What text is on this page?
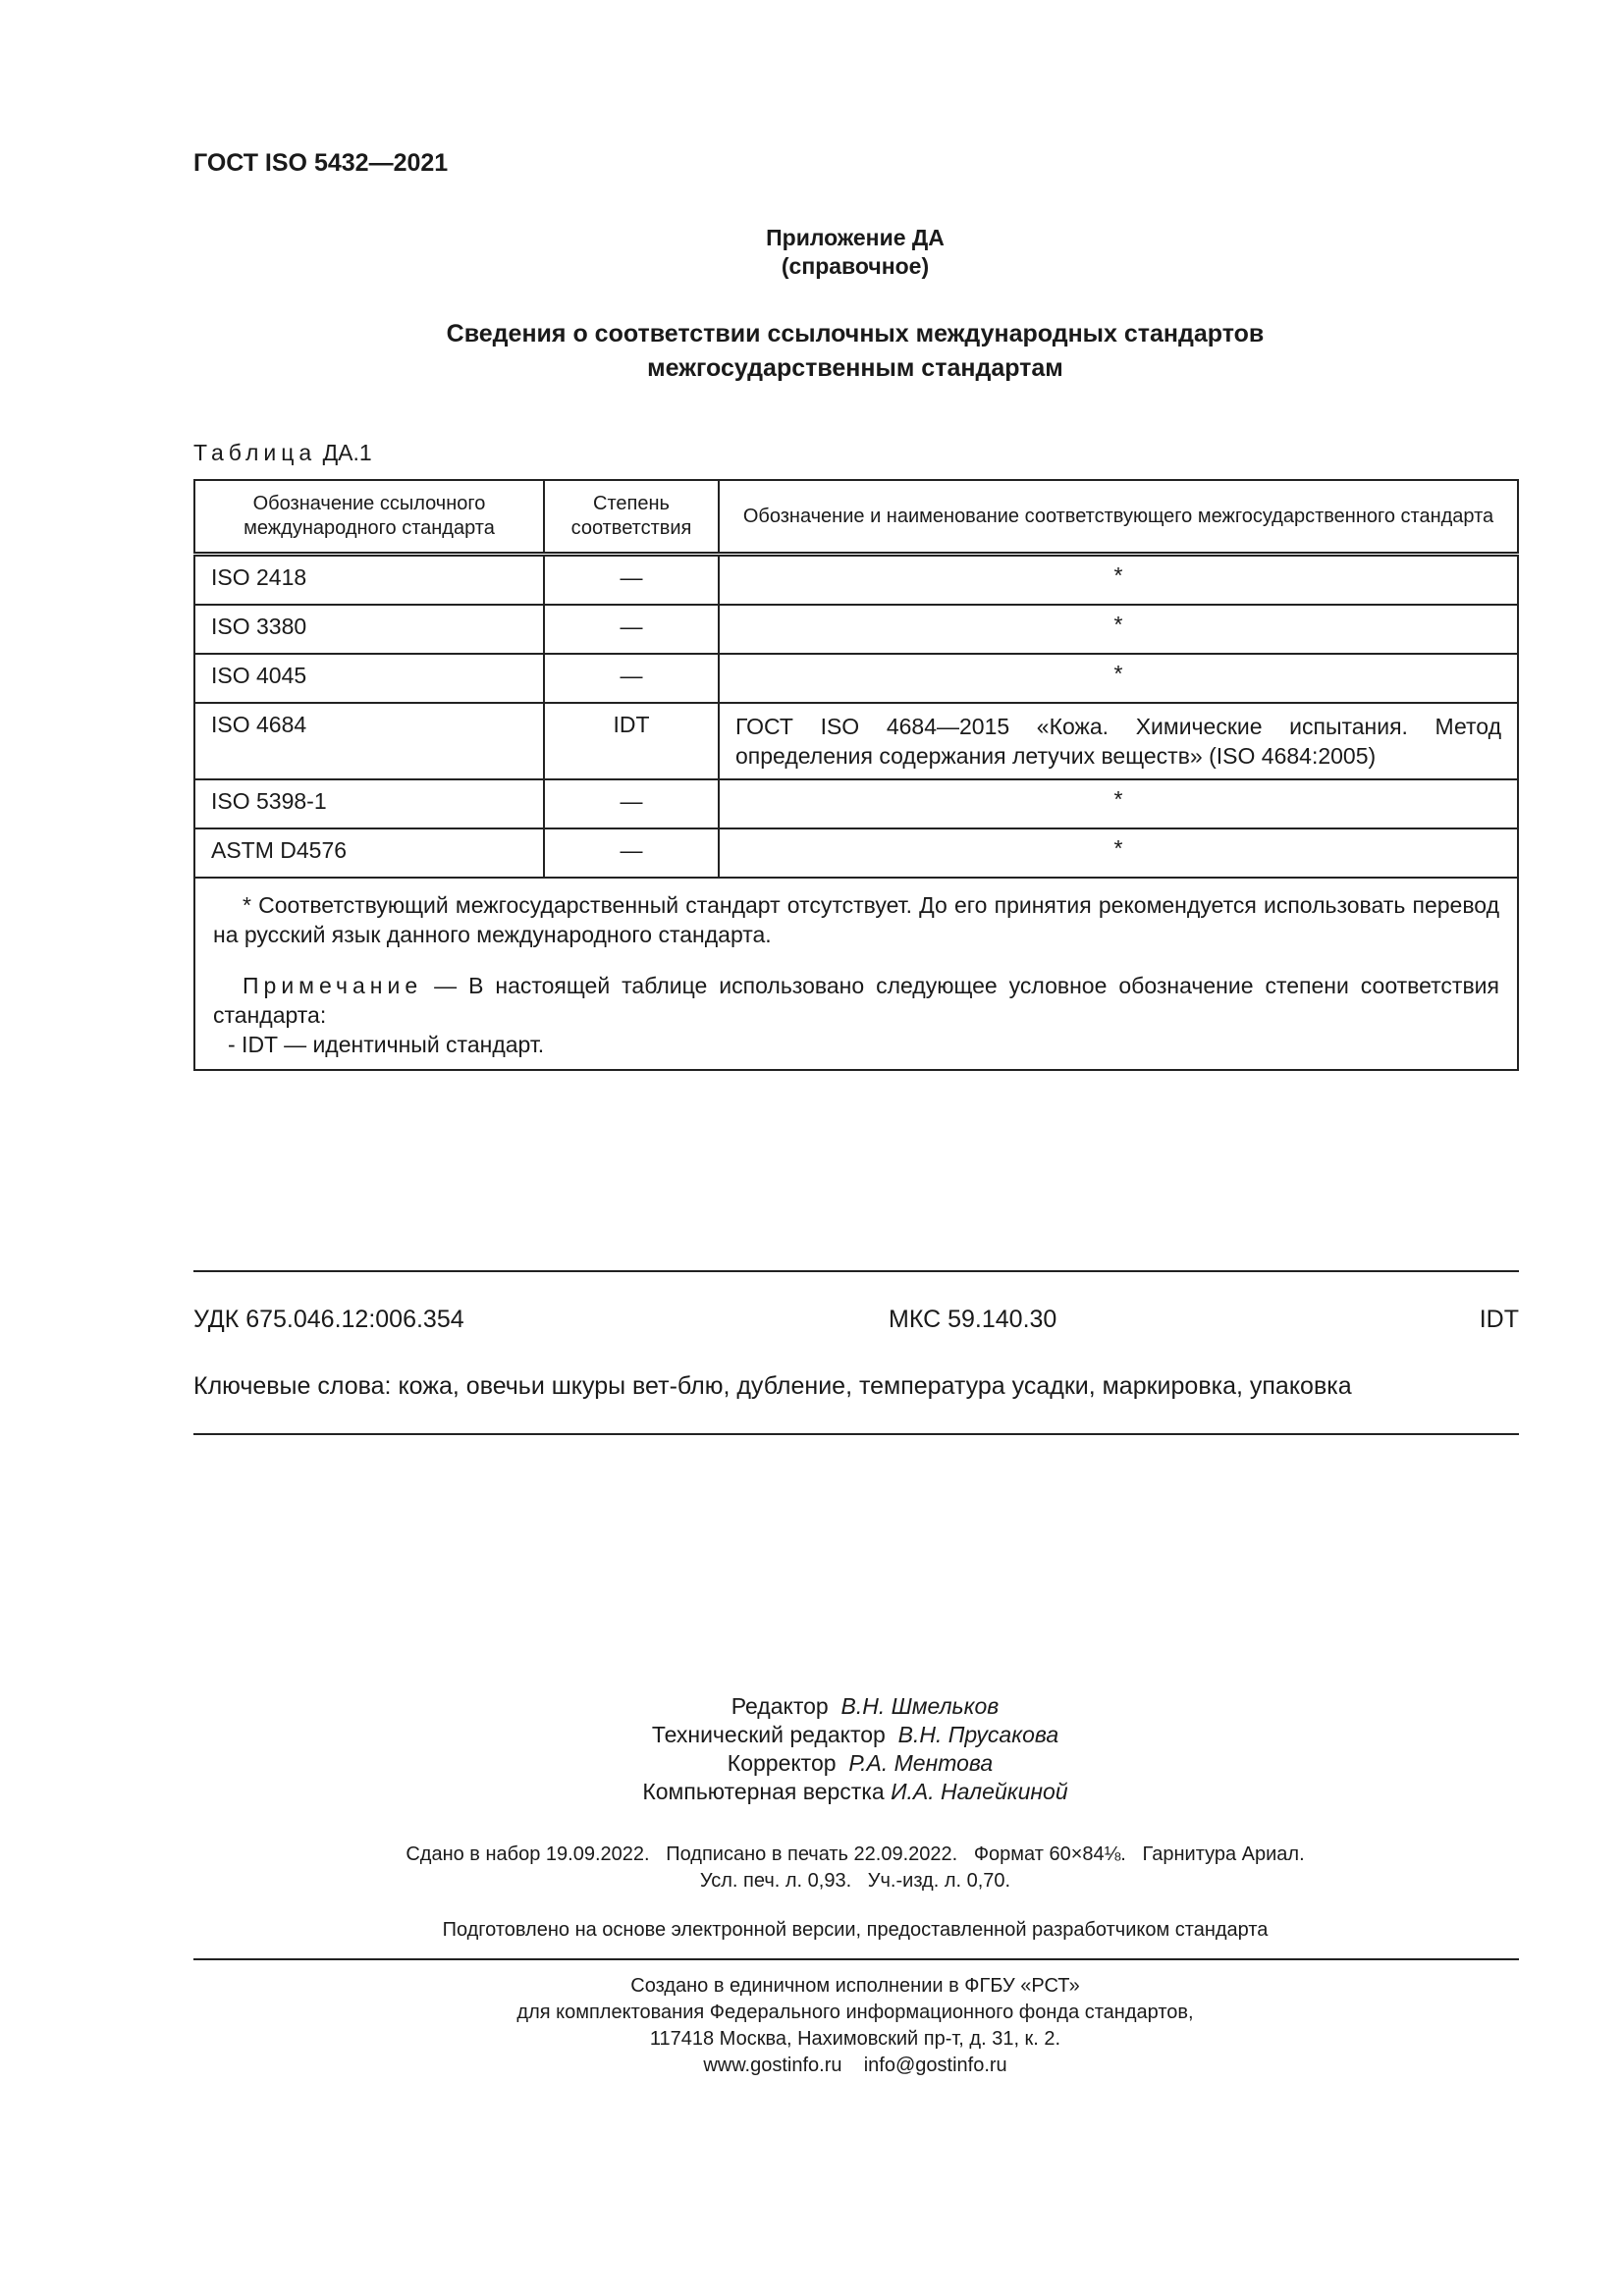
ГОСТ ISO 5432—2021
Приложение ДА
(справочное)
Сведения о соответствии ссылочных международных стандартов
межгосударственным стандартам
Таблица ДА.1
Обозначение ссылочного международного стандарта	Степень соответствия	Обозначение и наименование соответствующего межгосударственного стандарта
ISO 2418	—	*
ISO 3380	—	*
ISO 4045	—	*
ISO 4684	IDT	ГОСТ ISO 4684—2015 «Кожа. Химические испытания. Метод определения содержания летучих веществ» (ISO 4684:2005)
ISO 5398-1	—	*
ASTM D4576	—	*

* Соответствующий межгосударственный стандарт отсутствует. До его принятия рекомендуется использовать перевод на русский язык данного международного стандарта.

Примечание — В настоящей таблице использовано следующее условное обозначение степени соответствия стандарта:
- IDT — идентичный стандарт.		

УДК 675.046.12:006.354	МКС 59.140.30	IDT
Ключевые слова: кожа, овечьи шкуры вет-блю, дубление, температура усадки, маркировка, упаковка
Редактор В.Н. Шмельков
Технический редактор В.Н. Прусакова
Корректор Р.А. Ментова
Компьютерная верстка И.А. Налейкиной
Сдано в набор 19.09.2022.   Подписано в печать 22.09.2022.   Формат 60×84⅛.   Гарнитура Ариал.
Усл. печ. л. 0,93.   Уч.-изд. л. 0,70.
Подготовлено на основе электронной версии, предоставленной разработчиком стандарта
Создано в единичном исполнении в ФГБУ «РСТ»
для комплектования Федерального информационного фонда стандартов,
117418 Москва, Нахимовский пр-т, д. 31, к. 2.
www.gostinfo.ru    info@gostinfo.ru
